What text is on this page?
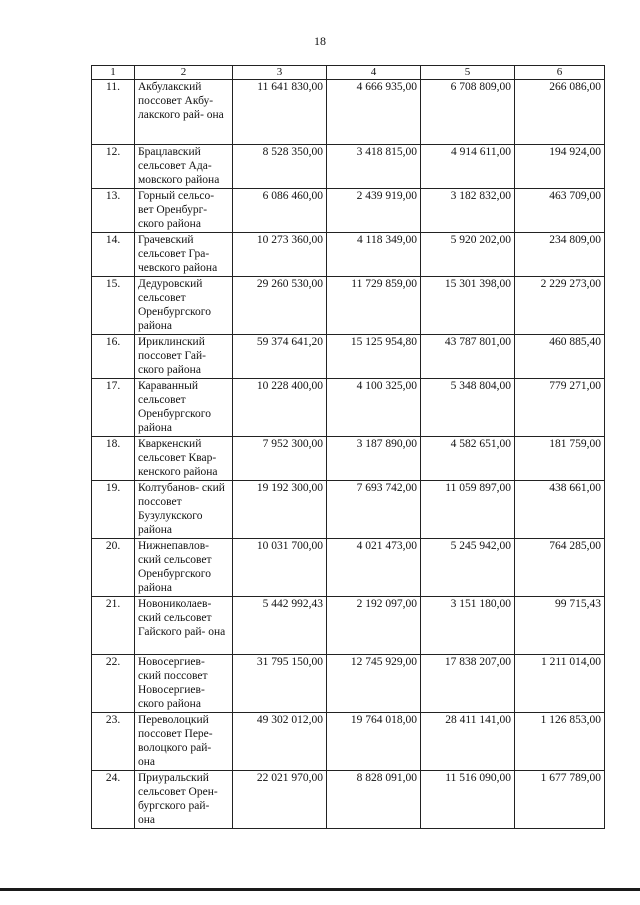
18
1	2	3	4	5	6
11.	Акбулакский поссовет Акбу- лакского рай- она	11 641 830,00	4 666 935,00	6 708 809,00	266 086,00
12.	Брацлавский сельсовет Ада- мовского района	8 528 350,00	3 418 815,00	4 914 611,00	194 924,00
13.	Горный сельсо- вет Оренбург- ского района	6 086 460,00	2 439 919,00	3 182 832,00	463 709,00
14.	Грачевский сельсовет Гра- чевского района	10 273 360,00	4 118 349,00	5 920 202,00	234 809,00
15.	Дедуровский сельсовет Оренбургского района	29 260 530,00	11 729 859,00	15 301 398,00	2 229 273,00
16.	Ириклинский поссовет Гай- ского района	59 374 641,20	15 125 954,80	43 787 801,00	460 885,40
17.	Караванный сельсовет Оренбургского района	10 228 400,00	4 100 325,00	5 348 804,00	779 271,00
18.	Кваркенский сельсовет Квар- кенского района	7 952 300,00	3 187 890,00	4 582 651,00	181 759,00
19.	Колтубанов- ский поссовет Бузулукского района	19 192 300,00	7 693 742,00	11 059 897,00	438 661,00
20.	Нижнепавлов- ский сельсовет Оренбургского района	10 031 700,00	4 021 473,00	5 245 942,00	764 285,00
21.	Новониколаев- ский сельсовет Гайского рай- она	5 442 992,43	2 192 097,00	3 151 180,00	99 715,43
22.	Новосергиев- ский поссовет Новосергиев- ского района	31 795 150,00	12 745 929,00	17 838 207,00	1 211 014,00
23.	Переволоцкий поссовет Пере- волоцкого рай- она	49 302 012,00	19 764 018,00	28 411 141,00	1 126 853,00
24.	Приуральский сельсовет Орен- бургского рай- она	22 021 970,00	8 828 091,00	11 516 090,00	1 677 789,00
